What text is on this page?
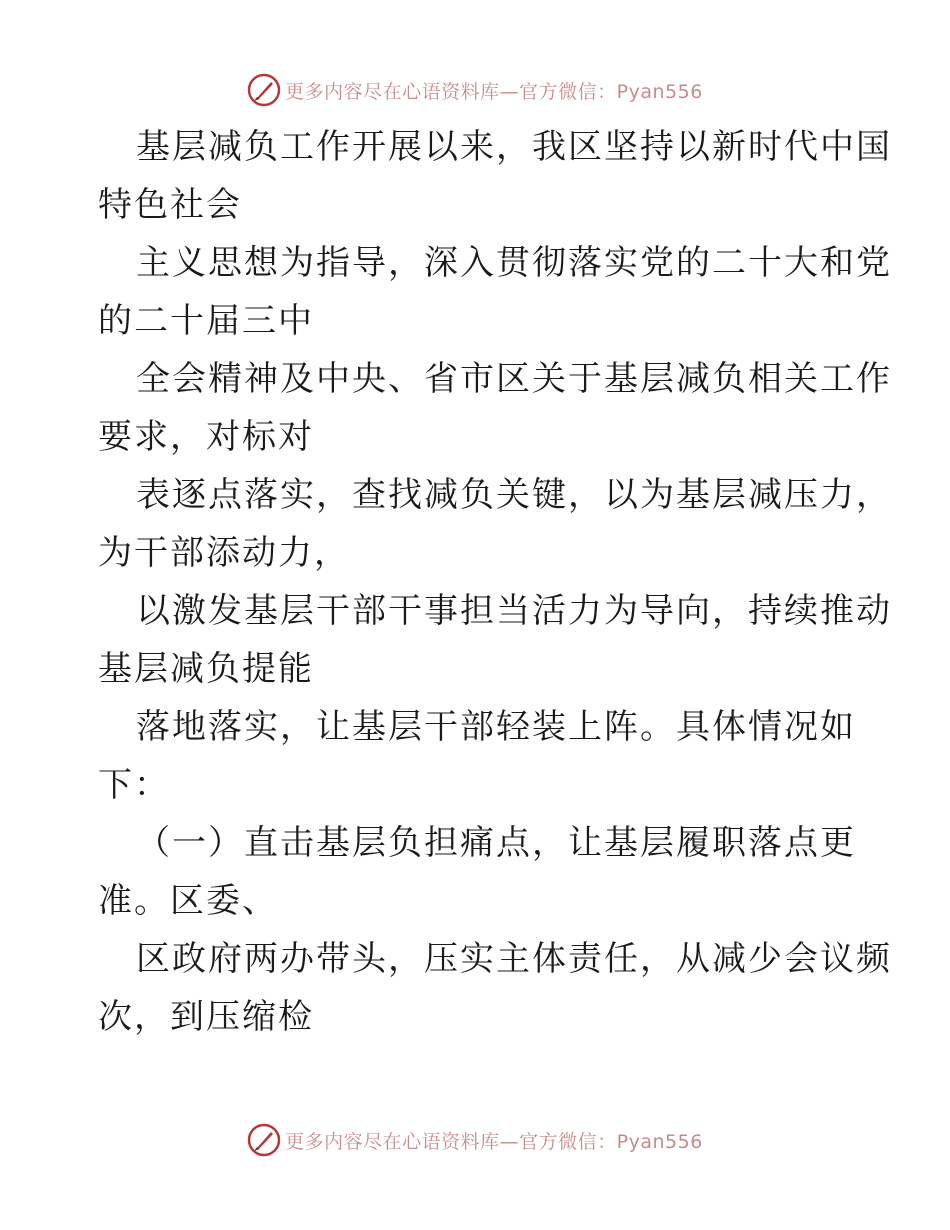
更多内容尽在心语资料库—官方微信：Pyan556
基层减负工作开展以来，我区坚持以新时代中国
特色社会
主义思想为指导，深入贯彻落实党的二十大和党
的二十届三中
全会精神及中央、省市区关于基层减负相关工作
要求，对标对
表逐点落实，查找减负关键，以为基层减压力，
为干部添动力，
以激发基层干部干事担当活力为导向，持续推动
基层减负提能
落地落实，让基层干部轻装上阵。具体情况如
下：
（一）直击基层负担痛点，让基层履职落点更
准。区委、
区政府两办带头，压实主体责任，从减少会议频
次，到压缩检
更多内容尽在心语资料库—官方微信：Pyan556
